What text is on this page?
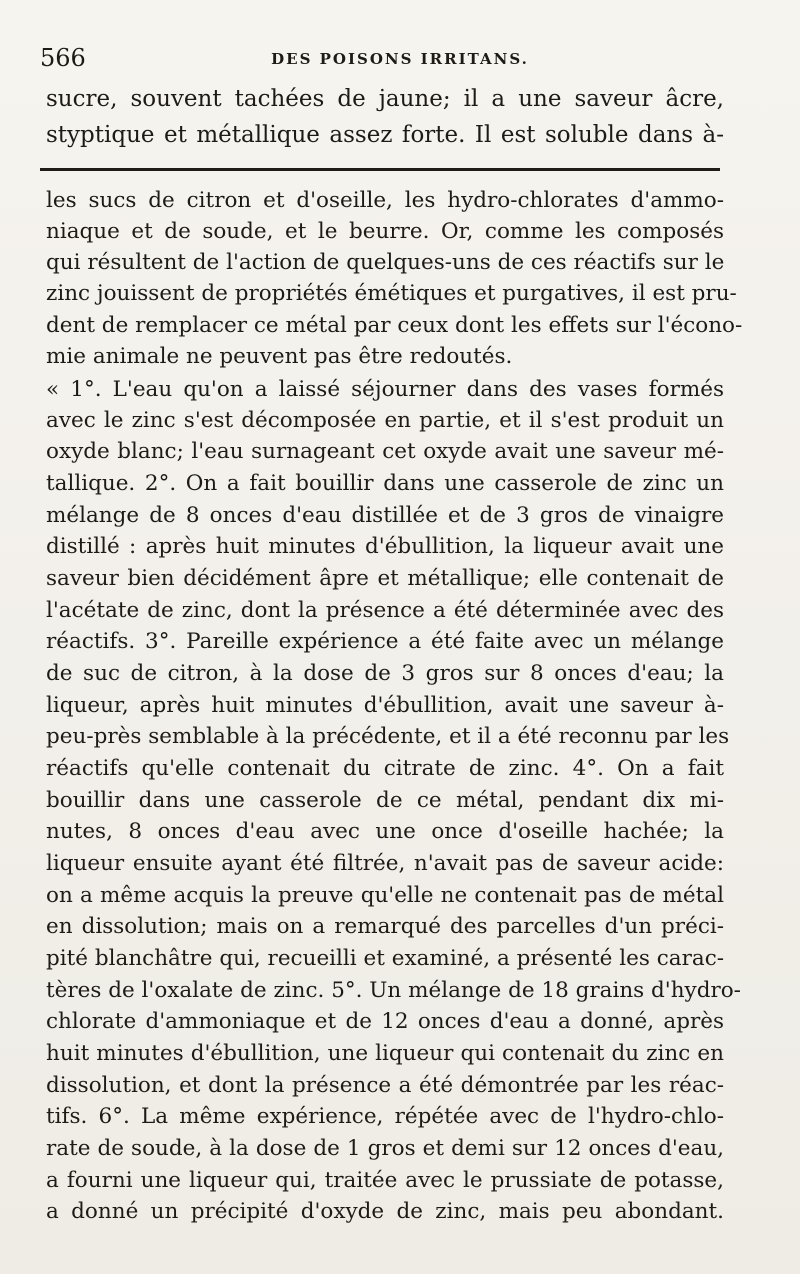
566	DES POISONS IRRITANS.
sucre, souvent tachées de jaune; il a une saveur âcre,
styptique et métallique assez forte. Il est soluble dans à-
les sucs de citron et d'oseille, les hydro-chlorates d'ammo-
niaque et de soude, et le beurre. Or, comme les composés
qui résultent de l'action de quelques-uns de ces réactifs sur le
zinc jouissent de propriétés émétiques et purgatives, il est pru-
dent de remplacer ce métal par ceux dont les effets sur l'écono-
mie animale ne peuvent pas être redoutés.
« 1°. L'eau qu'on a laissé séjourner dans des vases formés
avec le zinc s'est décomposée en partie, et il s'est produit un
oxyde blanc; l'eau surnageant cet oxyde avait une saveur mé-
tallique. 2°. On a fait bouillir dans une casserole de zinc un
mélange de 8 onces d'eau distillée et de 3 gros de vinaigre
distillé : après huit minutes d'ébullition, la liqueur avait une
saveur bien décidément âpre et métallique; elle contenait de
l'acétate de zinc, dont la présence a été déterminée avec des
réactifs. 3°. Pareille expérience a été faite avec un mélange
de suc de citron, à la dose de 3 gros sur 8 onces d'eau; la
liqueur, après huit minutes d'ébullition, avait une saveur à-
peu-près semblable à la précédente, et il a été reconnu par les
réactifs qu'elle contenait du citrate de zinc. 4°. On a fait
bouillir dans une casserole de ce métal, pendant dix mi-
nutes, 8 onces d'eau avec une once d'oseille hachée; la
liqueur ensuite ayant été filtrée, n'avait pas de saveur acide:
on a même acquis la preuve qu'elle ne contenait pas de métal
en dissolution; mais on a remarqué des parcelles d'un préci-
pité blanchâtre qui, recueilli et examiné, a présenté les carac-
tères de l'oxalate de zinc. 5°. Un mélange de 18 grains d'hydro-
chlorate d'ammoniaque et de 12 onces d'eau a donné, après
huit minutes d'ébullition, une liqueur qui contenait du zinc en
dissolution, et dont la présence a été démontrée par les réac-
tifs. 6°. La même expérience, répétée avec de l'hydro-chlo-
rate de soude, à la dose de 1 gros et demi sur 12 onces d'eau,
a fourni une liqueur qui, traitée avec le prussiate de potasse,
a donné un précipité d'oxyde de zinc, mais peu abondant.
